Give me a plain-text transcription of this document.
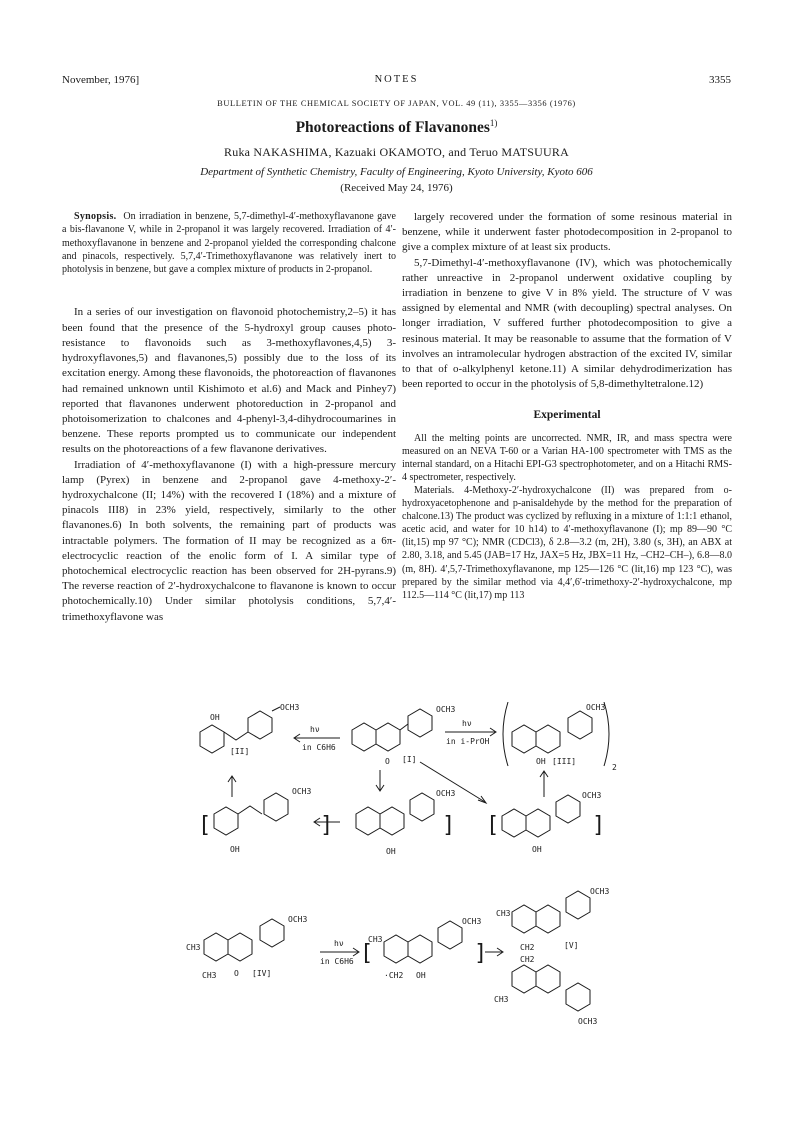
November, 1976]	NOTES	3355
BULLETIN OF THE CHEMICAL SOCIETY OF JAPAN, VOL. 49 (11), 3355—3356 (1976)
Photoreactions of Flavanones$^{1)}$
Ruka NAKASHIMA, Kazuaki OKAMOTO, and Teruo MATSUURA
Department of Synthetic Chemistry, Faculty of Engineering, Kyoto University, Kyoto 606
(Received May 24, 1976)

Synopsis. On irradiation in benzene, 5,7-dimethyl-4′-methoxyflavanone gave a bis-flavanone V, while in 2-propanol it was largely recovered. Irradiation of 4′-methoxyflavanone in benzene and 2-propanol yielded the corresponding chalcone and pinacols, respectively. 5,7,4′-Trimethoxyflavanone was relatively inert to photolysis in benzene, but gave a complex mixture of products in 2-propanol.

In a series of our investigation on flavonoid photochemistry,2–5) it has been found that the presence of the 5-hydroxyl group causes photo-resistance to flavonoids such as 3-methoxyflavones,4,5) 3-hydroxyflavones,5) and flavanones,5) possibly due to the loss of its excitation energy. Among these flavonoids, the photoreaction of flavanones had remained unknown until Kishimoto et al.6) and Mack and Pinhey7) reported that flavanones underwent photoreduction in 2-propanol and photoisomerization to chalcones and 4-phenyl-3,4-dihydrocoumarines in benzene. These reports prompted us to communicate our independent results on the photoreactions of a few flavanone derivatives.

Irradiation of 4′-methoxyflavanone (I) with a high-pressure mercury lamp (Pyrex) in benzene and 2-propanol gave 4-methoxy-2′-hydroxychalcone (II; 14%) with the recovered I (18%) and a mixture of pinacols III8) in 23% yield, respectively, similarly to the other flavanones.6) In both solvents, the remaining part of products was intractable polymers. The formation of II may be recognized as a 6π-electrocyclic reaction of the enolic form of I. A similar type of photochemical electrocyclic reaction has been observed for 2H-pyrans.9) The reverse reaction of 2′-hydroxychalcone to flavanone is known to occur photochemically.10) Under similar photolysis conditions, 5,7,4′-trimethoxyflavone was

largely recovered under the formation of some resinous material in benzene, while it underwent faster photodecomposition in 2-propanol to give a complex mixture of at least six products.

5,7-Dimethyl-4′-methoxyflavanone (IV), which was photochemically rather unreactive in 2-propanol underwent oxidative coupling by irradiation in benzene to give V in 8% yield. The structure of V was assigned by elemental and NMR (with decoupling) spectral analyses. On longer irradiation, V suffered further photodecomposition to give a resinous material. It may be reasonable to assume that the formation of V involves an intramolecular hydrogen abstraction of the excited IV, similar to that of o-alkylphenyl ketone.11) A similar dehydrodimerization has been reported to occur in the photolysis of 5,8-dimethyltetralone.12)

Experimental

All the melting points are uncorrected. NMR, IR, and mass spectra were measured on an NEVA T-60 or a Varian HA-100 spectrometer with TMS as the internal standard, on a Hitachi EPI-G3 spectrophotometer, and on a Hitachi RMS-4 spectrometer, respectively.

Materials. 4-Methoxy-2′-hydroxychalcone (II) was prepared from o-hydroxyacetophenone and p-anisaldehyde by the method for the preparation of chalcone.13) The product was cyclized by refluxing in a mixture of 1:1:1 ethanol, acetic acid, and water for 10 h14) to 4′-methoxyflavanone (I); mp 89—90 °C (lit,15) mp 97 °C); NMR (CDCl3), δ 2.8—3.2 (m, 2H), 3.80 (s, 3H), an ABX at 2.80, 3.18, and 5.45 (JAB=17 Hz, JAX=5 Hz, JBX=11 Hz, –CH2–CH–), 6.8—8.0 (m, 8H). 4′,5,7-Trimethoxyflavanone, mp 125—126 °C (lit,16) mp 123 °C), was prepared by the similar method via 4,4′,6′-trimethoxy-2′-hydroxychalcone, mp 112.5—114 °C (lit,17) mp 113

OH
OCH3
[II]
hν
in C6H6
OCH3
O [I]
hν
in i-PrOH
OCH3
OH [III]
2
[
OCH3
OH
]
OCH3
OH
] [
OCH3
OH
]
CH3
OCH3
CH3 O [IV]
hν
in C6H6 [
CH3
OCH3
·CH2 OH
]
CH3
OCH3
CH2
CH2
[V]
CH3
OCH3
